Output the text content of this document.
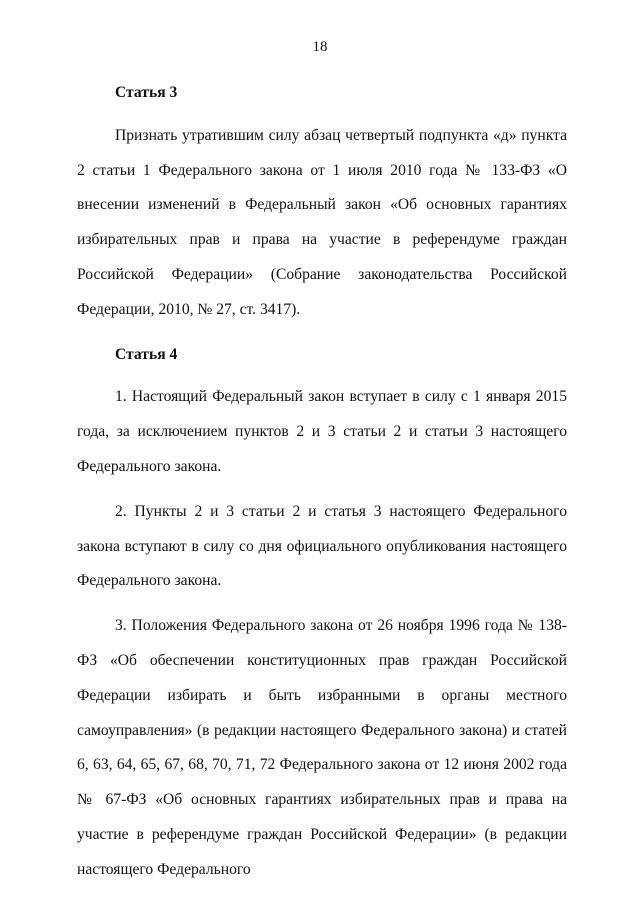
18
Статья 3

Признать утратившим силу абзац четвертый подпункта «д» пункта 2 статьи 1 Федерального закона от 1 июля 2010 года № 133-ФЗ «О внесении изменений в Федеральный закон «Об основных гарантиях избирательных прав и права на участие в референдуме граждан Российской Федерации» (Собрание законодательства Российской Федерации, 2010, № 27, ст. 3417).

Статья 4

1. Настоящий Федеральный закон вступает в силу с 1 января 2015 года, за исключением пунктов 2 и 3 статьи 2 и статьи 3 настоящего Федерального закона.

2. Пункты 2 и 3 статьи 2 и статья 3 настоящего Федерального закона вступают в силу со дня официального опубликования настоящего Федерального закона.

3. Положения Федерального закона от 26 ноября 1996 года № 138-ФЗ «Об обеспечении конституционных прав граждан Российской Федерации избирать и быть избранными в органы местного самоуправления» (в редакции настоящего Федерального закона) и статей 6, 63, 64, 65, 67, 68, 70, 71, 72 Федерального закона от 12 июня 2002 года № 67-ФЗ «Об основных гарантиях избирательных прав и права на участие в референдуме граждан Российской Федерации» (в редакции настоящего Федерального
